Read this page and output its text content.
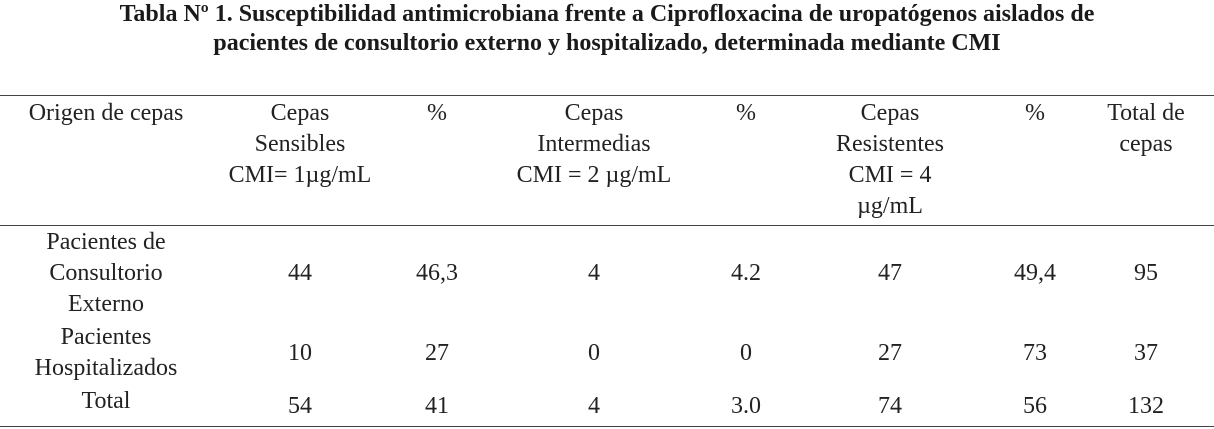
Tabla Nº 1. Susceptibilidad antimicrobiana frente a Ciprofloxacina de uropatógenos aislados de
pacientes de consultorio externo y hospitalizado, determinada mediante CMI
Origen de cepas	Cepas
Sensibles
CMI= 1µg/mL
%	Cepas
Intermedias
CMI = 2 µg/mL
%	Cepas
Resistentes
CMI = 4
µg/mL
%	Total de
cepas
Pacientes de
Consultorio
Externo
44	46,3	4	4.2	47	49,4	95
Pacientes
Hospitalizados
10	27	0	0	27	73	37
Total	54	41	4	3.0	74	56	132
